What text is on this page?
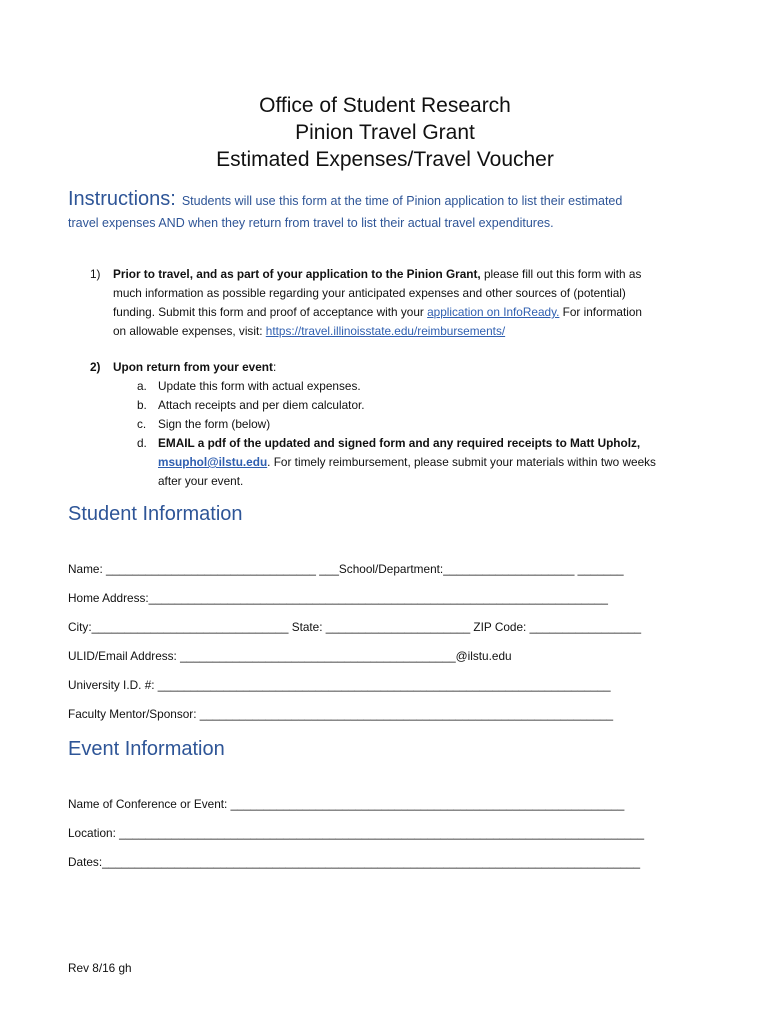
Office of Student Research
Pinion Travel Grant
Estimated Expenses/Travel Voucher
Instructions: Students will use this form at the time of Pinion application to list their estimated
travel expenses AND when they return from travel to list their actual travel expenditures.
1) Prior to travel, and as part of your application to the Pinion Grant, please fill out this form with as
much information as possible regarding your anticipated expenses and other sources of (potential)
funding. Submit this form and proof of acceptance with your application on InfoReady. For information
on allowable expenses, visit: https://travel.illinoisstate.edu/reimbursements/
2) Upon return from your event:
a. Update this form with actual expenses.
b. Attach receipts and per diem calculator.
c. Sign the form (below)
d. EMAIL a pdf of the updated and signed form and any required receipts to Matt Upholz,
msuphol@ilstu.edu. For timely reimbursement, please submit your materials within two weeks
after your event.
Student Information
Name: ________________________________ ___School/Department:____________________ _______
Home Address:______________________________________________________________________
City:______________________________ State: ______________________ ZIP Code: _________________
ULID/Email Address: __________________________________________@ilstu.edu
University I.D. #: _____________________________________________________________________
Faculty Mentor/Sponsor: _______________________________________________________________
Event Information
Name of Conference or Event: ____________________________________________________________
Location: ________________________________________________________________________________
Dates:__________________________________________________________________________________
Rev 8/16 gh
